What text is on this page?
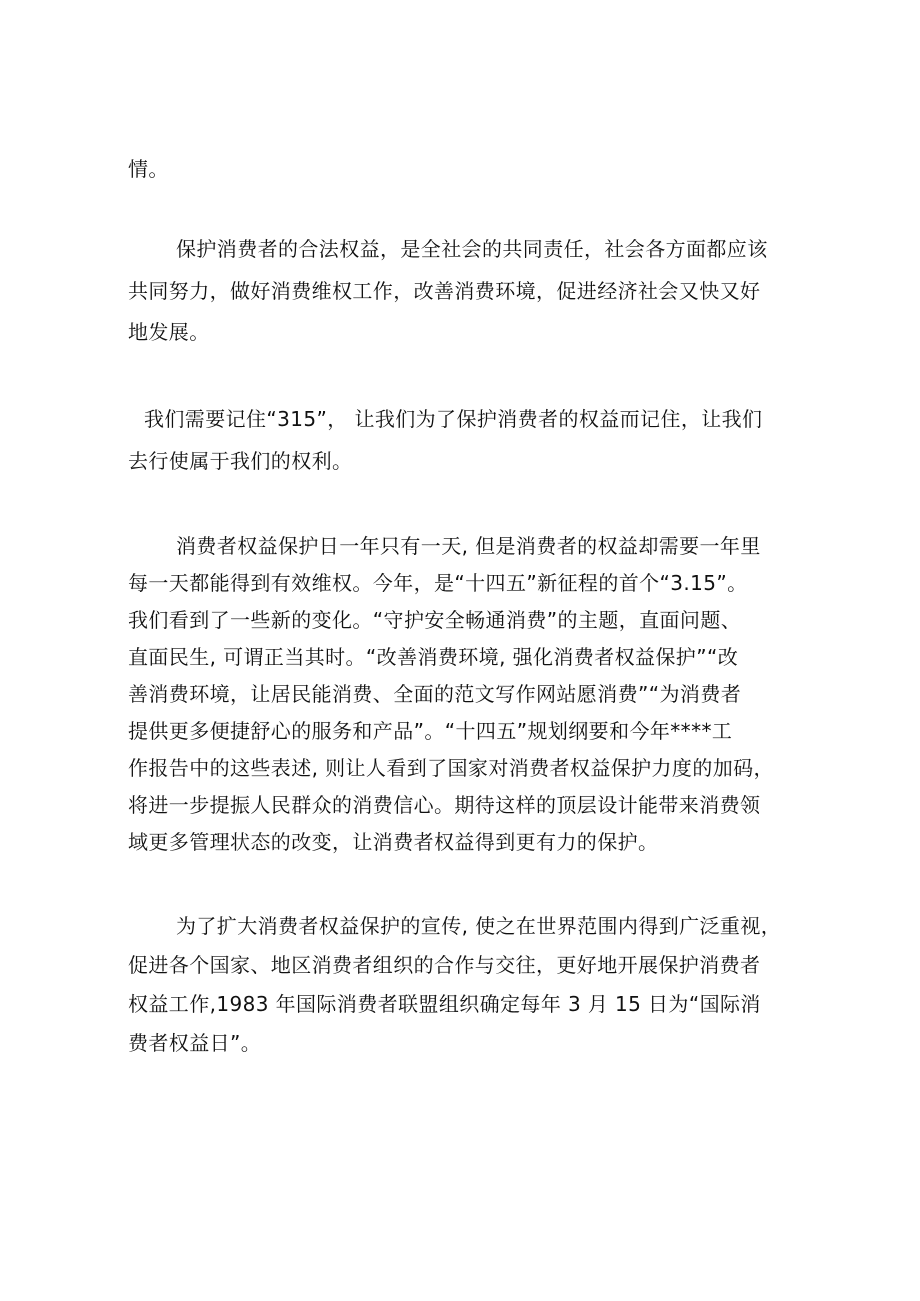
情。
保护消费者的合法权益，是全社会的共同责任，社会各方面都应该
共同努力，做好消费维权工作，改善消费环境，促进经济社会又快又好
地发展。
我们需要记住“315”， 让我们为了保护消费者的权益而记住，让我们
去行使属于我们的权利。
消费者权益保护日一年只有一天, 但是消费者的权益却需要一年里
每一天都能得到有效维权。今年，是“十四五”新征程的首个“3.15”。
我们看到了一些新的变化。“守护安全畅通消费”的主题，直面问题、
直面民生, 可谓正当其时。“改善消费环境, 强化消费者权益保护”“改
善消费环境，让居民能消费、全面的范文写作网站愿消费”“为消费者
提供更多便捷舒心的服务和产品”。“十四五”规划纲要和今年****工
作报告中的这些表述, 则让人看到了国家对消费者权益保护力度的加码，
将进一步提振人民群众的消费信心。期待这样的顶层设计能带来消费领
域更多管理状态的改变，让消费者权益得到更有力的保护。
为了扩大消费者权益保护的宣传, 使之在世界范围内得到广泛重视，
促进各个国家、地区消费者组织的合作与交往，更好地开展保护消费者
权益工作,1983 年国际消费者联盟组织确定每年 3 月 15 日为“国际消
费者权益日”。
